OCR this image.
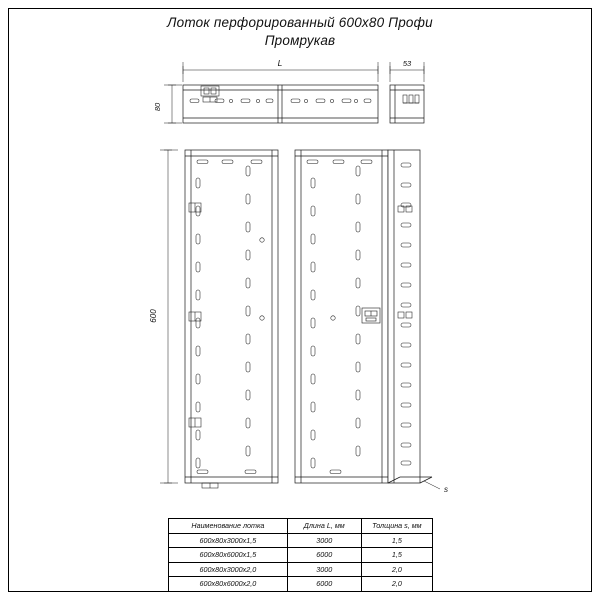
Лоток перфорированный 600х80 Профи
Промрукав
L	53
80
600
s
Наименование лотка	Длина L, мм	Толщина s, мм
600х80х3000х1,5	3000	1,5
600х80х6000х1,5	6000	1,5
600х80х3000х2,0	3000	2,0
600х80х6000х2,0	6000	2,0
